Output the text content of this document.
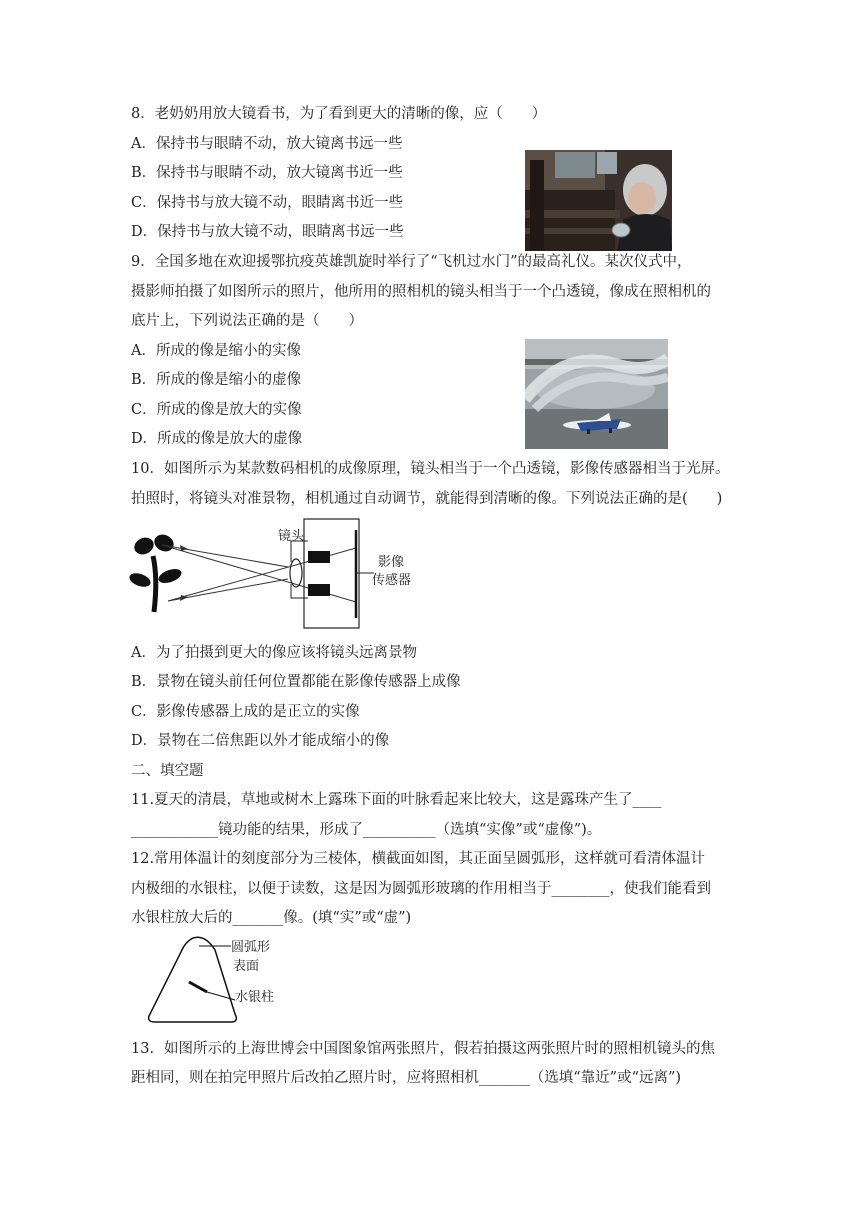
8．老奶奶用放大镜看书，为了看到更大的清晰的像，应（　　）
A．保持书与眼睛不动，放大镜离书远一些
B．保持书与眼睛不动，放大镜离书近一些
C．保持书与放大镜不动，眼睛离书近一些
D．保持书与放大镜不动，眼睛离书远一些
9．全国多地在欢迎援鄂抗疫英雄凯旋时举行了“飞机过水门”的最高礼仪。某次仪式中，
摄影师拍摄了如图所示的照片，他所用的照相机的镜头相当于一个凸透镜，像成在照相机的
底片上，下列说法正确的是（　　）
A．所成的像是缩小的实像
B．所成的像是缩小的虚像
C．所成的像是放大的实像
D．所成的像是放大的虚像
10．如图所示为某款数码相机的成像原理，镜头相当于一个凸透镜，影像传感器相当于光屏。
拍照时，将镜头对准景物，相机通过自动调节，就能得到清晰的像。下列说法正确的是(　　)
镜头
影像
传感器
A．为了拍摄到更大的像应该将镜头远离景物
B．景物在镜头前任何位置都能在影像传感器上成像
C．影像传感器上成的是正立的实像
D．景物在二倍焦距以外才能成缩小的像
二、填空题
11.夏天的清晨，草地或树木上露珠下面的叶脉看起来比较大，这是露珠产生了____
____________镜功能的结果，形成了__________（选填“实像”或“虚像”)。
12.常用体温计的刻度部分为三棱体，横截面如图，其正面呈圆弧形，这样就可看清体温计
内极细的水银柱，以便于读数，这是因为圆弧形玻璃的作用相当于________，使我们能看到
水银柱放大后的_______像。(填“实”或“虚”)
圆弧形
表面
水银柱
13．如图所示的上海世博会中国图象馆两张照片，假若拍摄这两张照片时的照相机镜头的焦
距相同，则在拍完甲照片后改拍乙照片时，应将照相机_______（选填“靠近”或“远离”)
